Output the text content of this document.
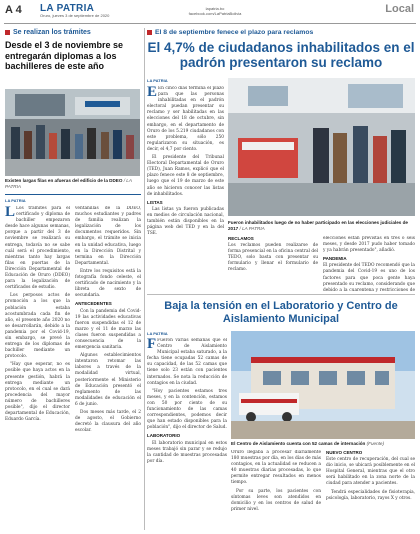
A 4 LA PATRIA
Oruro, jueves 3 de septiembre de 2020
lapatria.bo
facebook.com/LaPatriaBolivia	Local
Se realizan los trámites
Desde el 3 de noviembre se entregarán diplomas a los bachilleres de este año
Existen largas filas en afueras del edificio de la DDEO / LA PATRIA
LA PATRIA

L Los trámites para el certificado y diploma de bachiller empezaron desde hace algunas semanas, porque a partir del 3 de noviembre se realizará su entrega, todavía no se sabe cuál será el procedimiento, mientras tanto hay largas filas en puertas de la Dirección Departamental de Educación de Oruro (DDEO) para la legalización de certificados de estudio.

Los perposos actos de promoción a los que la población estaba acostumbrada cada fin de año, el presente año 2020 no se desarrollarán, debido a la pandemia por el Covid-19, sin embargo, se prevé la entrega de los diplomas de bachiller mediante un protocolo.

"Hay que esperar, no es posible que haya actos en la presente gestión, habrá la entrega mediante un protocolo, en el cual se dará procedencia del mayor número de bachilleres posible", dijo el director departamental de Educación, Eduardo García.

ventanillas de la DDEO, muchos estudiantes y padres de familia realizan la legalización de los documentos requeridos. Sin embargo, el trámite se inicia en la unidad educativa, luego en la Dirección Distrital y termina en la Dirección Departamental.

Entre los requisitos está la fotografía fondo celeste, el certificado de nacimiento y la libreta de sexto de secundaria.

ANTECEDENTES

Con la pandemia del Covid-19 las actividades educativas fueron suspendidas el 12 de marzo y el 11 de marzo las clases fueron suspendidas a consecuencia de la emergencia sanitaria.

Algunos establecimientos intentaron retomar las labores a través de la modalidad virtual, posteriormente el Ministerio de Educación presentó el reglamento de las modalidades de educación el 6 de junio.

Dos meses más tarde, el 2 de agosto, el Gobierno decretó la clausura del año escolar.

El 8 de septiembre fenece el plazo para reclamos
El 4,7% de ciudadanos inhabilitados en el padrón presentaron su reclamo
LA PATRIA

E En cinco días termina el plazo para que las personas inhabilitadas en el padrón electoral puedan presentar su reclamo y ser habilitadas en las elecciones del 18 de octubre, sin embargo, en el departamento de Oruro de los 5.219 ciudadanos con este problema, sólo 250 regularizaron su situación, es decir, el 4,7 por ciento.

El presidente del Tribunal Electoral Departamental de Oruro (TED), Juan Ramos, explicó que el plazo fenece este 8 de septiembre, luego que el 19 de marzo de este año se hicieron conocer las listas de inhabilitados.

LISTAS

Las listas ya fueron publicadas en medios de circulación nacional, también están disponibles en la página web del TED y en la del TSE.

Fueron inhabilitados luego de no haber participado en las elecciones judiciales de 2017 / LA PATRIA
RECLAMOS

Los reclamos pueden realizarse de forma presencial en la oficina central del TEDO, solo basta con presentar su formulario y llenar el formulario de reclamo.

elecciones están previstas en tres o seis meses, y desde 2017 pudo haber tomado y ya habrán presentado", añadió.

PANDEMIA

El presidente del TEDO recomendó que la pandemia del Covid-19 es uno de los factores para que poca gente haya presentado su reclamo, considerando que debido a la cuarentena y restricciones de

Baja la tensión en el Laboratorio y Centro de Aislamiento Municipal
LA PATRIA

F Fueron varias semanas que el Centro de Aislamiento Municipal estaba saturado, a la fecha tiene ocupadas 52 camas de su capacidad, de las 52 camas que tiene solo 23 están con pacientes internados. Se nota la reducción de contagios en la ciudad.

"Hoy pacientes estamos tres meses, y en la contención, estamos con 50 por ciento de su funcionamiento de las camas correspondientes, podemos decir que han estado disponibles para la población", dijo el director de Salud.

LABORATORIO

El laboratorio municipal en estos meses trabajó sin parar y se redujo la cantidad de muestras procesadas por día.

El Centro de Aislamiento cuenta con 52 camas de internación (Fuente)

Oruro llegaba a procesar diariamente 180 muestras por día, en los días de más contagios, en la actualidad se reducen a 40 muestras diarias procesadas, lo que permite entregar resultados en menos tiempo.

Por su parte, los pacientes con síntomas leves son atendidos en domicilio y en los centros de salud de primer nivel.

NUEVO CENTRO

Este centro de recuperación, del cual se dio inicio, se ubicará posiblemente en el Hospital General, mientras que el otro será habilitado en la zona norte de la ciudad para atender a pacientes.

Tendrá especialidades de fisioterapia, psicología, laboratorio, rayos X y otros.
